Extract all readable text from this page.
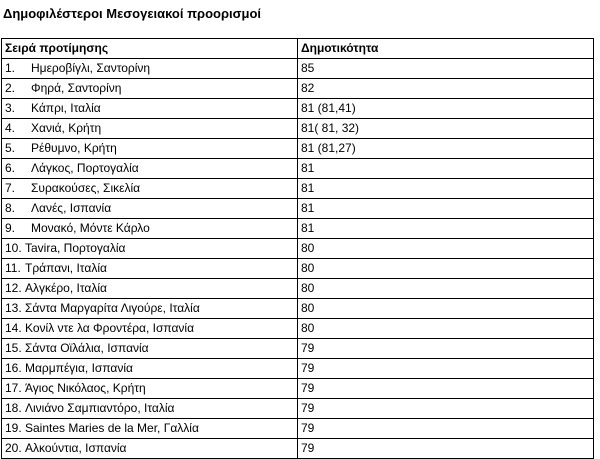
Δημοφιλέστεροι Μεσογειακοί προορισμοί
Σειρά προτίμησης	Δημοτικότητα
1. Ημεροβίγλι, Σαντορίνη	85
2. Φηρά, Σαντορίνη	82
3. Κάπρι, Ιταλία	81 (81,41)
4. Χανιά, Κρήτη	81( 81, 32)
5. Ρέθυμνο, Κρήτη	81 (81,27)
6. Λάγκος, Πορτογαλία	81
7. Συρακούσες, Σικελία	81
8. Λανές, Ισπανία	81
9. Μονακό, Μόντε Κάρλο	81
10. Tavira, Πορτογαλία	80
11. Τράπανι, Ιταλία	80
12. Αλγκέρο, Ιταλία	80
13. Σάντα Μαργαρίτα Λιγούρε, Ιταλία	80
14. Κονίλ ντε λα Φροντέρα, Ισπανία	80
15. Σάντα Οϊλάλια, Ισπανία	79
16. Μαρμπέγια, Ισπανία	79
17. Άγιος Νικόλαος, Κρήτη	79
18. Λινιάνο Σαμπιαντόρο, Ιταλία	79
19. Saintes Maries de la Mer, Γαλλία	79
20. Αλκούντια, Ισπανία	79
